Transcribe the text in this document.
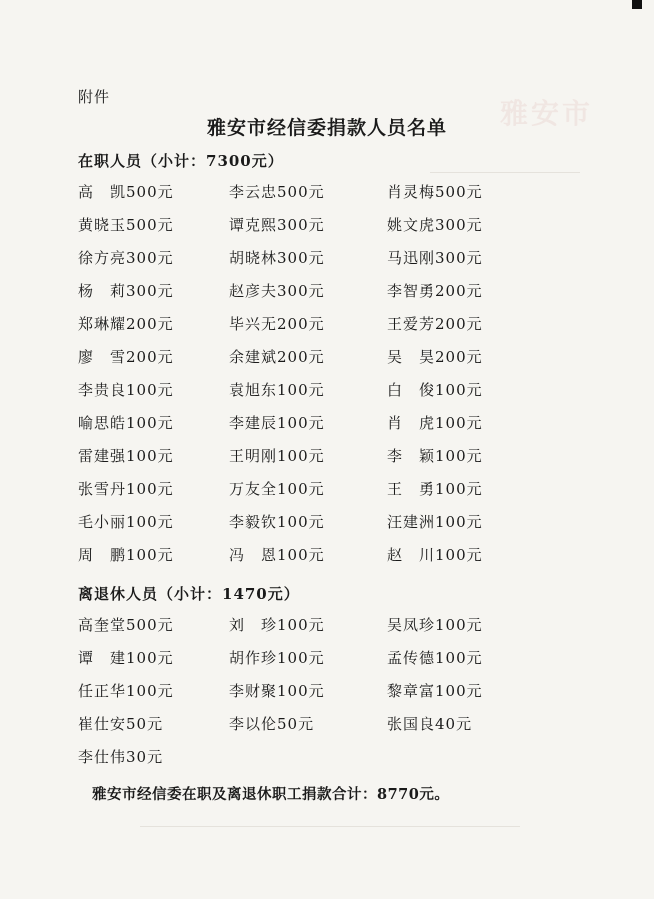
雅安市
附件
雅安市经信委捐款人员名单
在职人员（小计：7300元）
高　凯500元	李云忠500元	肖灵梅500元
黄晓玉500元	谭克熙300元	姚文虎300元
徐方亮300元	胡晓林300元	马迅刚300元
杨　莉300元	赵彦夫300元	李智勇200元
郑琳耀200元	毕兴无200元	王爱芳200元
廖　雪200元	余建斌200元	吴　昊200元
李贵良100元	袁旭东100元	白　俊100元
喻思皓100元	李建辰100元	肖　虎100元
雷建强100元	王明刚100元	李　颖100元
张雪丹100元	万友全100元	王　勇100元
毛小丽100元	李毅钦100元	汪建洲100元
周　鹏100元	冯　恩100元	赵　川100元
离退休人员（小计：1470元）
高奎堂500元	刘　珍100元	吴凤珍100元
谭　建100元	胡作珍100元	孟传德100元
任正华100元	李财聚100元	黎章富100元
崔仕安50元	李以伦50元	张国良40元
李仕伟30元
雅安市经信委在职及离退休职工捐款合计：8770元。
